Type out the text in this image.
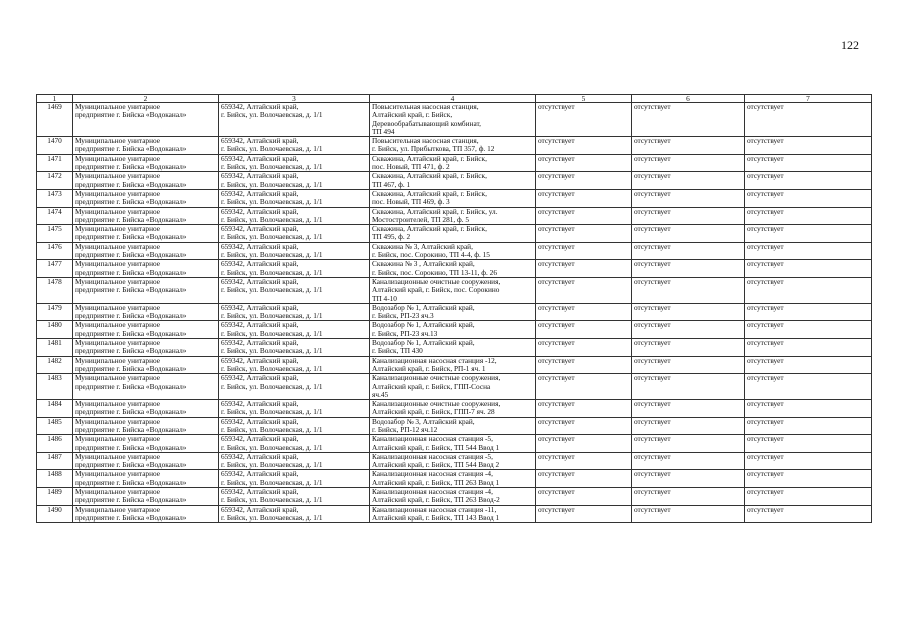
122
1	2	3	4	5	6	7
1469	Муниципальное унитарное
предприятие г. Бийска «Водоканал»	659342, Алтайский край,
г. Бийск, ул. Волочаевская, д. 1/1	Повысительная насосная станция,
Алтайский край, г. Бийск,
Деревообрабатывающий комбинат,
ТП 494	отсутствует	отсутствует	отсутствует
1470	Муниципальное унитарное
предприятие г. Бийска «Водоканал»	659342, Алтайский край,
г. Бийск, ул. Волочаевская, д. 1/1	Повысительная насосная станция,
г. Бийск, ул. Прибыткова, ТП 357, ф. 12	отсутствует	отсутствует	отсутствует
1471	Муниципальное унитарное
предприятие г. Бийска «Водоканал»	659342, Алтайский край,
г. Бийск, ул. Волочаевская, д. 1/1	Скважина, Алтайский край, г. Бийск,
пос. Новый, ТП 471, ф. 2	отсутствует	отсутствует	отсутствует
1472	Муниципальное унитарное
предприятие г. Бийска «Водоканал»	659342, Алтайский край,
г. Бийск, ул. Волочаевская, д. 1/1	Скважина, Алтайский край, г. Бийск,
ТП 467, ф. 1	отсутствует	отсутствует	отсутствует
1473	Муниципальное унитарное
предприятие г. Бийска «Водоканал»	659342, Алтайский край,
г. Бийск, ул. Волочаевская, д. 1/1	Скважина, Алтайский край, г. Бийск,
пос. Новый, ТП 469, ф. 3	отсутствует	отсутствует	отсутствует
1474	Муниципальное унитарное
предприятие г. Бийска «Водоканал»	659342, Алтайский край,
г. Бийск, ул. Волочаевская, д. 1/1	Скважина, Алтайский край, г. Бийск, ул.
Мостостроителей, ТП 281, ф. 5	отсутствует	отсутствует	отсутствует
1475	Муниципальное унитарное
предприятие г. Бийска «Водоканал»	659342, Алтайский край,
г. Бийск, ул. Волочаевская, д. 1/1	Скважина, Алтайский край, г. Бийск,
ТП 495, ф. 2	отсутствует	отсутствует	отсутствует
1476	Муниципальное унитарное
предприятие г. Бийска «Водоканал»	659342, Алтайский край,
г. Бийск, ул. Волочаевская, д. 1/1	Скважина № 3, Алтайский край,
г. Бийск, пос. Сорокино, ТП 4-4, ф. 15	отсутствует	отсутствует	отсутствует
1477	Муниципальное унитарное
предприятие г. Бийска «Водоканал»	659342, Алтайский край,
г. Бийск, ул. Волочаевская, д. 1/1	Скважина № 3 , Алтайский край,
г. Бийск, пос. Сорокино, ТП 13-11, ф. 26	отсутствует	отсутствует	отсутствует
1478	Муниципальное унитарное
предприятие г. Бийска «Водоканал»	659342, Алтайский край,
г. Бийск, ул. Волочаевская, д. 1/1	Канализационные очистные сооружения,
Алтайский край, г. Бийск, пос. Сорокино
ТП 4-10	отсутствует	отсутствует	отсутствует
1479	Муниципальное унитарное
предприятие г. Бийска «Водоканал»	659342, Алтайский край,
г. Бийск, ул. Волочаевская, д. 1/1	Водозабор № 1, Алтайский край,
г. Бийск, РП-23 яч.3	отсутствует	отсутствует	отсутствует
1480	Муниципальное унитарное
предприятие г. Бийска «Водоканал»	659342, Алтайский край,
г. Бийск, ул. Волочаевская, д. 1/1	Водозабор № 1, Алтайский край,
г. Бийск, РП-23 яч.13	отсутствует	отсутствует	отсутствует
1481	Муниципальное унитарное
предприятие г. Бийска «Водоканал»	659342, Алтайский край,
г. Бийск, ул. Волочаевская, д. 1/1	Водозабор № 1, Алтайский край,
г. Бийск, ТП 430	отсутствует	отсутствует	отсутствует
1482	Муниципальное унитарное
предприятие г. Бийска «Водоканал»	659342, Алтайский край,
г. Бийск, ул. Волочаевская, д. 1/1	Канализационная насосная станция -12,
Алтайский край, г. Бийск, РП-1 яч. 1	отсутствует	отсутствует	отсутствует
1483	Муниципальное унитарное
предприятие г. Бийска «Водоканал»	659342, Алтайский край,
г. Бийск, ул. Волочаевская, д. 1/1	Канализационные очистные сооружения,
Алтайский край, г. Бийск, ГПП-Сосна
яч.45	отсутствует	отсутствует	отсутствует
1484	Муниципальное унитарное
предприятие г. Бийска «Водоканал»	659342, Алтайский край,
г. Бийск, ул. Волочаевская, д. 1/1	Канализационные очистные сооружения,
Алтайский край, г. Бийск, ГПП-7 яч. 28	отсутствует	отсутствует	отсутствует
1485	Муниципальное унитарное
предприятие г. Бийска «Водоканал»	659342, Алтайский край,
г. Бийск, ул. Волочаевская, д. 1/1	Водозабор № 3, Алтайский край,
г. Бийск, РП-12 яч.12	отсутствует	отсутствует	отсутствует
1486	Муниципальное унитарное
предприятие г. Бийска «Водоканал»	659342, Алтайский край,
г. Бийск, ул. Волочаевская, д. 1/1	Канализационная насосная станция -5,
Алтайский край, г. Бийск, ТП 544 Ввод 1	отсутствует	отсутствует	отсутствует
1487	Муниципальное унитарное
предприятие г. Бийска «Водоканал»	659342, Алтайский край,
г. Бийск, ул. Волочаевская, д. 1/1	Канализационная насосная станция -5,
Алтайский край, г. Бийск, ТП 544 Ввод 2	отсутствует	отсутствует	отсутствует
1488	Муниципальное унитарное
предприятие г. Бийска «Водоканал»	659342, Алтайский край,
г. Бийск, ул. Волочаевская, д. 1/1	Канализационная насосная станция -4,
Алтайский край, г. Бийск, ТП 263 Ввод 1	отсутствует	отсутствует	отсутствует
1489	Муниципальное унитарное
предприятие г. Бийска «Водоканал»	659342, Алтайский край,
г. Бийск, ул. Волочаевская, д. 1/1	Канализационная насосная станция -4,
Алтайский край, г. Бийск, ТП 263 Ввод-2	отсутствует	отсутствует	отсутствует
1490	Муниципальное унитарное
предприятие г. Бийска «Водоканал»	659342, Алтайский край,
г. Бийск, ул. Волочаевская, д. 1/1	Канализационная насосная станция -11,
Алтайский край, г. Бийск, ТП 143 Ввод 1	отсутствует	отсутствует	отсутствует
